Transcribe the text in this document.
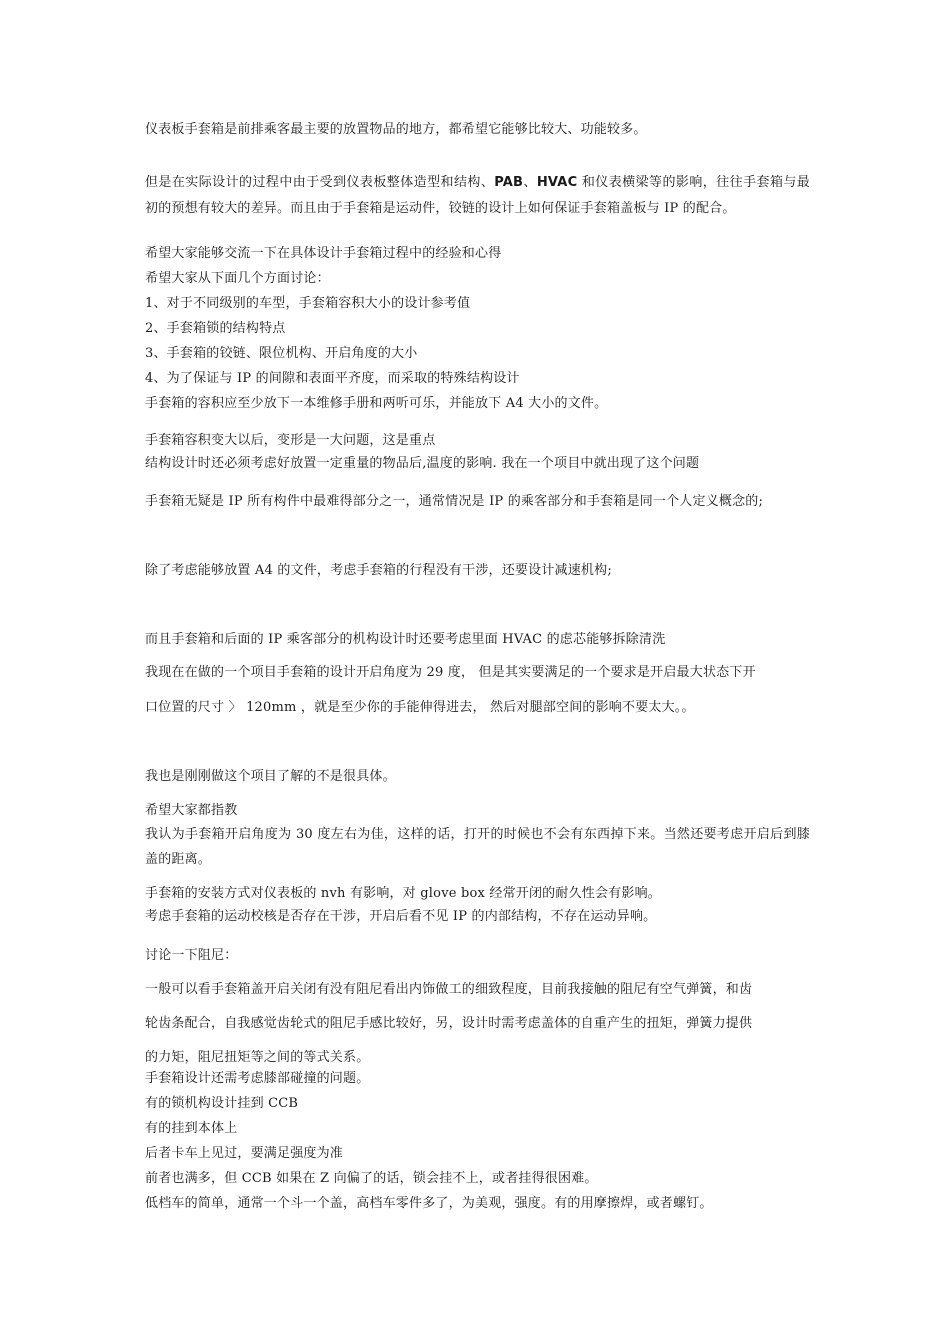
仪表板手套箱是前排乘客最主要的放置物品的地方，都希望它能够比较大、功能较多。
但是在实际设计的过程中由于受到仪表板整体造型和结构、PAB、HVAC 和仪表横梁等的影响，往往手套箱与最初的预想有较大的差异。而且由于手套箱是运动件，铰链的设计上如何保证手套箱盖板与 IP 的配合。
希望大家能够交流一下在具体设计手套箱过程中的经验和心得
希望大家从下面几个方面讨论：
1、对于不同级别的车型，手套箱容积大小的设计参考值
2、手套箱锁的结构特点
3、手套箱的铰链、限位机构、开启角度的大小
4、为了保证与 IP 的间隙和表面平齐度，而采取的特殊结构设计
手套箱的容积应至少放下一本维修手册和两听可乐，并能放下 A4 大小的文件。
手套箱容积变大以后，变形是一大问题，这是重点
结构设计时还必须考虑好放置一定重量的物品后,温度的影响. 我在一个项目中就出现了这个问题
手套箱无疑是 IP 所有构件中最难得部分之一，通常情况是 IP 的乘客部分和手套箱是同一个人定义概念的;
除了考虑能够放置 A4 的文件，考虑手套箱的行程没有干涉，还要设计减速机构;
而且手套箱和后面的 IP 乘客部分的机构设计时还要考虑里面 HVAC 的虑芯能够拆除清洗
我现在在做的一个项目手套箱的设计开启角度为 29 度， 但是其实要满足的一个要求是开启最大状态下开
口位置的尺寸 〉 120mm ，就是至少你的手能伸得进去， 然后对腿部空间的影响不要太大。。
我也是刚刚做这个项目了解的不是很具体。
希望大家都指教
我认为手套箱开启角度为 30 度左右为佳，这样的话，打开的时候也不会有东西掉下来。当然还要考虑开启后到膝盖的距离。
手套箱的安装方式对仪表板的 nvh 有影响，对 glove box 经常开闭的耐久性会有影响。
考虑手套箱的运动校核是否存在干涉，开启后看不见 IP 的内部结构，不存在运动异响。
讨论一下阻尼：
一般可以看手套箱盖开启关闭有没有阻尼看出内饰做工的细致程度，目前我接触的阻尼有空气弹簧，和齿
轮齿条配合，自我感觉齿轮式的阻尼手感比较好，另，设计时需考虑盖体的自重产生的扭矩，弹簧力提供
的力矩，阻尼扭矩等之间的等式关系。
手套箱设计还需考虑膝部碰撞的问题。
有的锁机构设计挂到 CCB
有的挂到本体上
后者卡车上见过，要满足强度为准
前者也满多，但 CCB 如果在 Z 向偏了的话，锁会挂不上，或者挂得很困难。
低档车的简单，通常一个斗一个盖，高档车零件多了，为美观，强度。有的用摩擦焊，或者螺钉。
